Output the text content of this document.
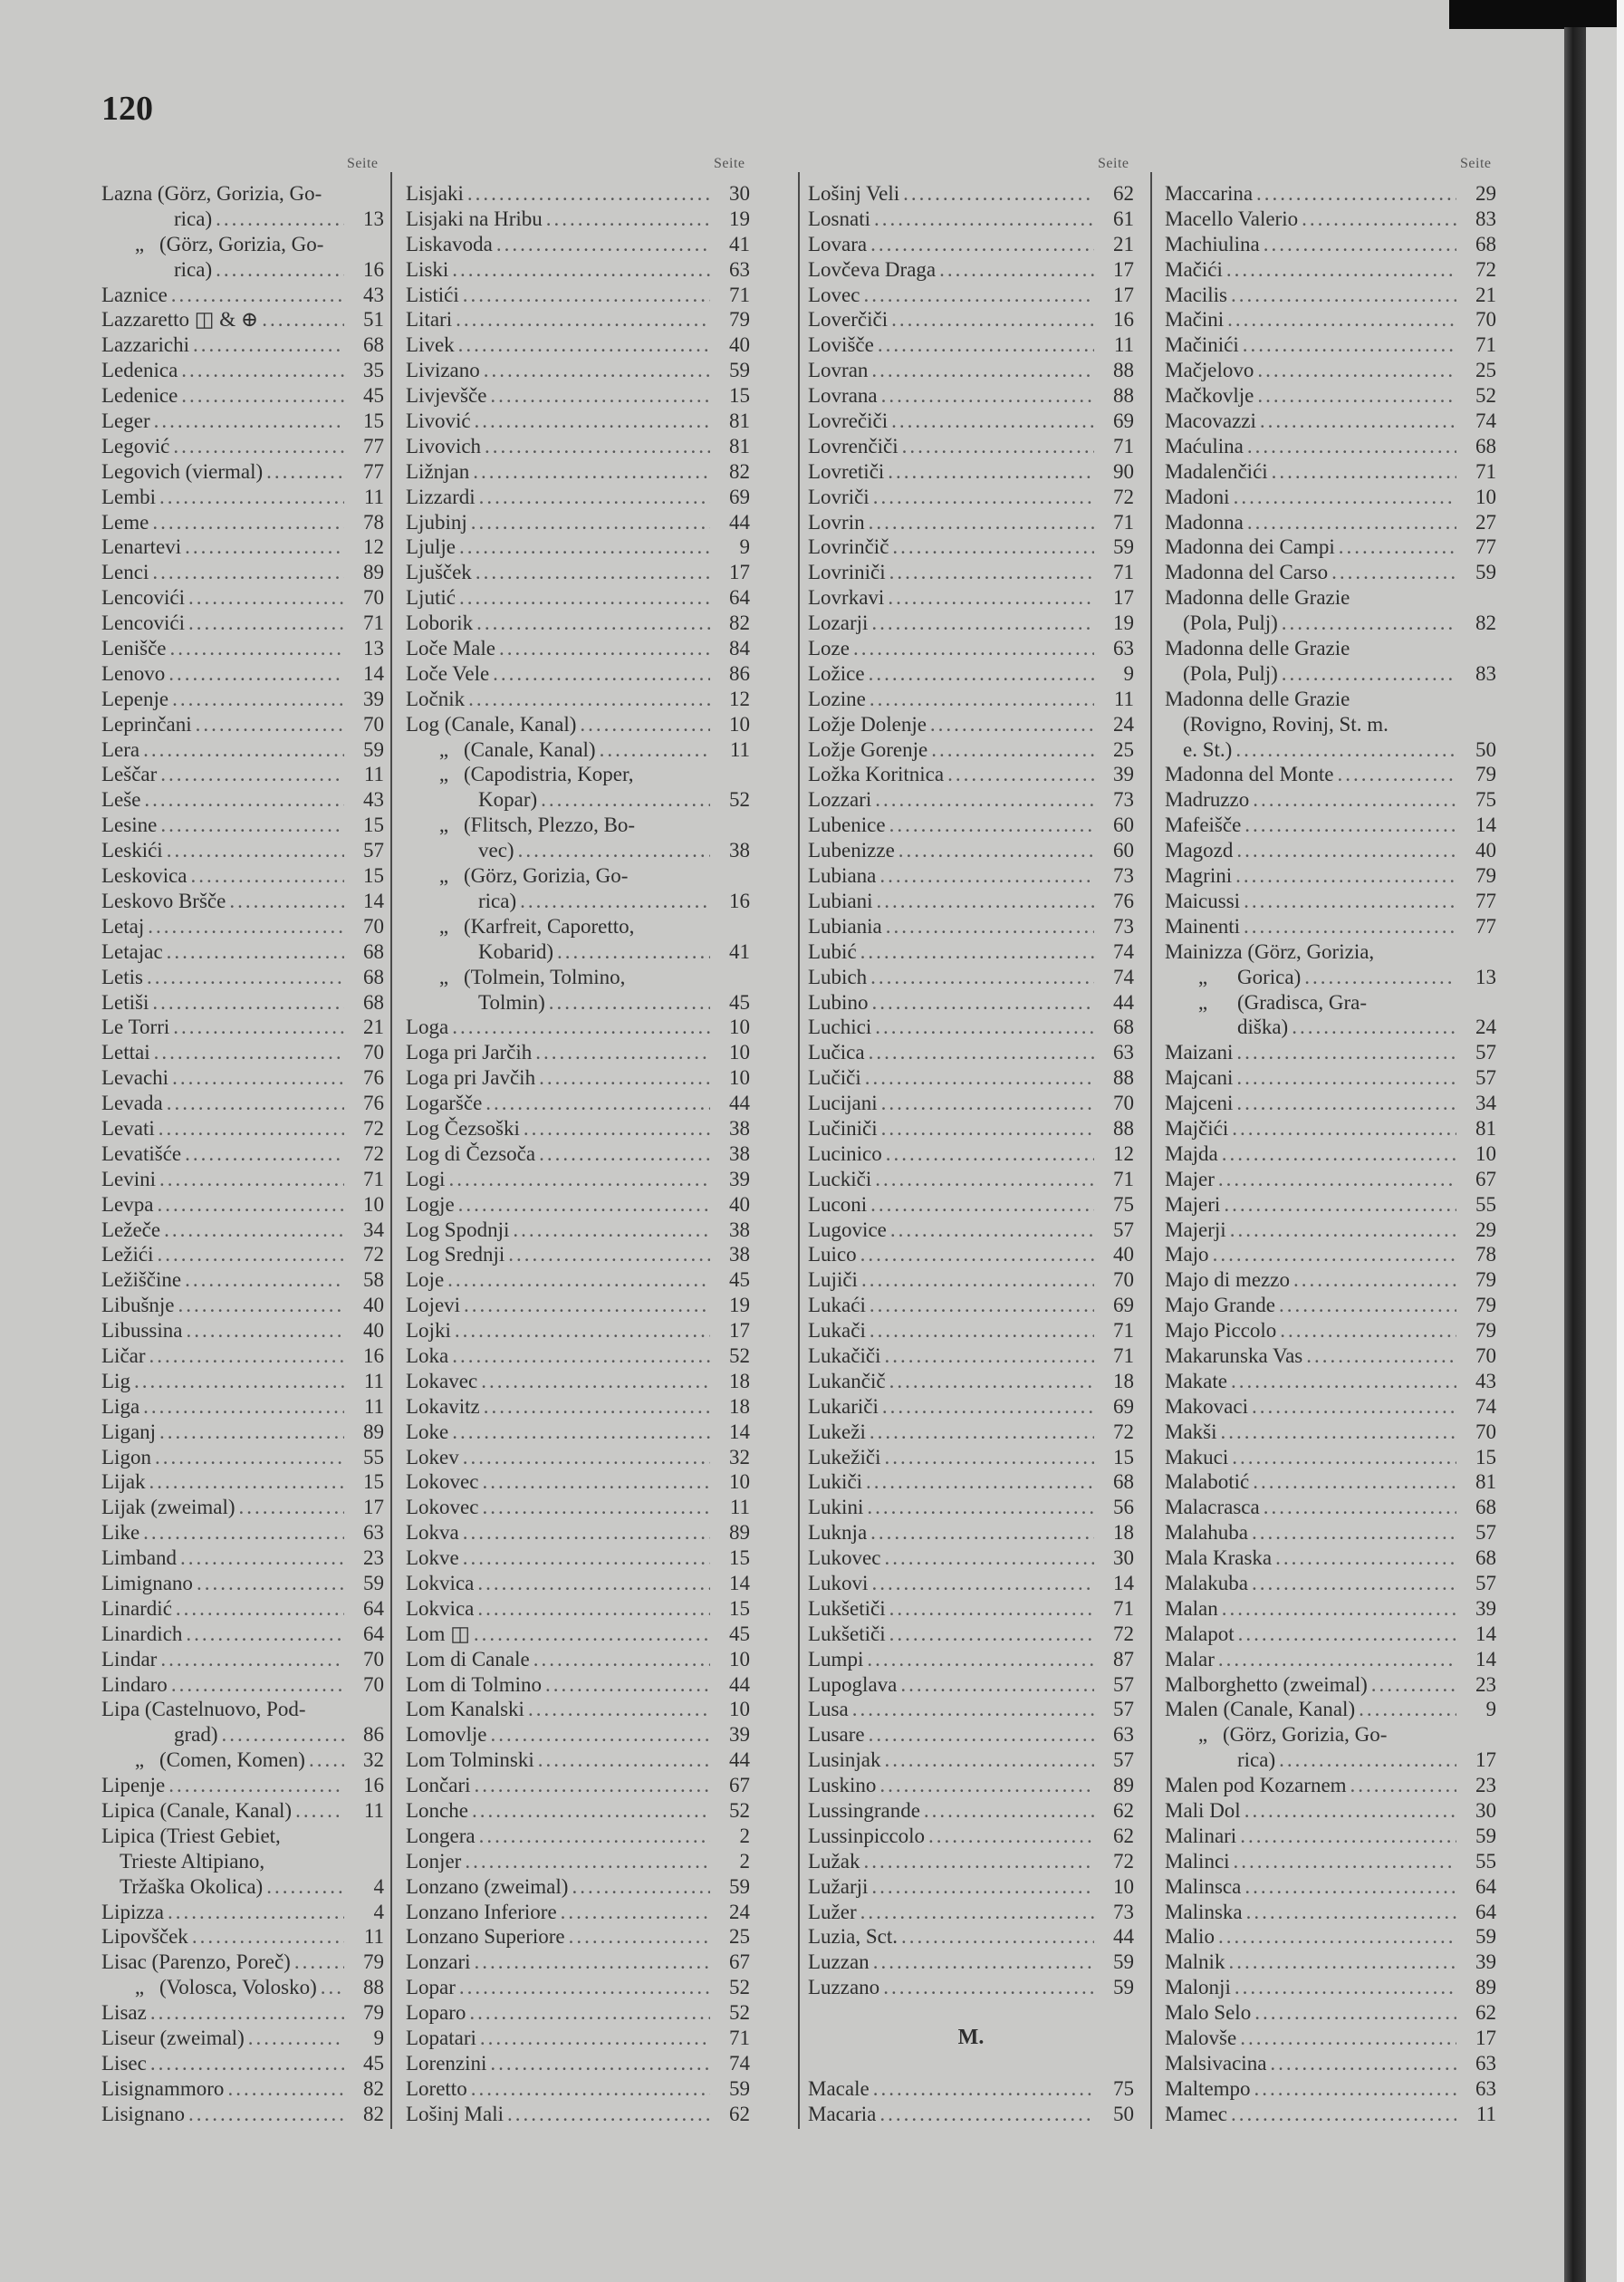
120
Seite	Seite	Seite	Seite
Lazna (Görz, Gorizia, Go-
rica) .....	13
„ (Görz, Gorizia, Go-
rica) .....	16
Laznice .....	43
Lazzaretto ◫ & ⊕ .....	51
Lazzarichi .....	68
Ledenica .....	35
Ledenice .....	45
Leger .....	15
Legović .....	77
Legovich (viermal) .....	77
Lembi .....	11
Leme .....	78
Lenartevi .....	12
Lenci .....	89
Lencovići .....	70
Lencovići .....	71
Lenišče .....	13
Lenovo .....	14
Lepenje .....	39
Leprinčani .....	70
Lera .....	59
Leščar .....	11
Leše .....	43
Lesine .....	15
Leskići .....	57
Leskovica .....	15
Leskovo Bršče .....	14
Letaj .....	70
Letajac .....	68
Letis .....	68
Letiši .....	68
Le Torri .....	21
Lettai .....	70
Levachi .....	76
Levada .....	76
Levati .....	72
Levatišće .....	72
Levini .....	71
Levpa .....	10
Ležeče .....	34
Ležići .....	72
Ležiščine .....	58
Libušnje .....	40
Libussina .....	40
Ličar .....	16
Lig .....	11
Liga .....	11
Liganj .....	89
Ligon .....	55
Lijak .....	15
Lijak (zweimal) .....	17
Like .....	63
Limband .....	23
Limignano .....	59
Linardić .....	64
Linardich .....	64
Lindar .....	70
Lindaro .....	70
Lipa (Castelnuovo, Pod-
grad) .....	86
„ (Comen, Komen) .....	32
Lipenje .....	16
Lipica (Canale, Kanal) .....	11
Lipica (Triest Gebiet,
Trieste Altipiano,
Tržaška Okolica) .....	4
Lipizza .....	4
Lipovšček .....	11
Lisac (Parenzo, Poreč) .....	79
„ (Volosca, Volosko) .....	88
Lisaz .....	79
Liseur (zweimal) .....	9
Lisec .....	45
Lisignammoro .....	82
Lisignano .....	82
Lisjaki .....	30
Lisjaki na Hribu .....	19
Liskavoda .....	41
Liski .....	63
Listići .....	71
Litari .....	79
Livek .....	40
Livizano .....	59
Livjevšče .....	15
Livović .....	81
Livovich .....	81
Ližnjan .....	82
Lizzardi .....	69
Ljubinj .....	44
Ljulje .....	9
Ljušček .....	17
Ljutić .....	64
Loborik .....	82
Loče Male .....	84
Loče Vele .....	86
Ločnik .....	12
Log (Canale, Kanal) .....	10
„ (Canale, Kanal) .....	11
„ (Capodistria, Koper,
Kopar) .....	52
„ (Flitsch, Plezzo, Bo-
vec) .....	38
„ (Görz, Gorizia, Go-
rica) .....	16
„ (Karfreit, Caporetto,
Kobarid) .....	41
„ (Tolmein, Tolmino,
Tolmin) .....	45
Loga .....	10
Loga pri Jarčih .....	10
Loga pri Javčih .....	10
Logaršče .....	44
Log Čezsoški .....	38
Log di Čezsoča .....	38
Logi .....	39
Logje .....	40
Log Spodnji .....	38
Log Srednji .....	38
Loje .....	45
Lojevi .....	19
Lojki .....	17
Loka .....	52
Lokavec .....	18
Lokavitz .....	18
Loke .....	14
Lokev .....	32
Lokovec .....	10
Lokovec .....	11
Lokva .....	89
Lokve .....	15
Lokvica .....	14
Lokvica .....	15
Lom ◫ .....	45
Lom di Canale .....	10
Lom di Tolmino .....	44
Lom Kanalski .....	10
Lomovlje .....	39
Lom Tolminski .....	44
Lončari .....	67
Lonche .....	52
Longera .....	2
Lonjer .....	2
Lonzano (zweimal) .....	59
Lonzano Inferiore .....	24
Lonzano Superiore .....	25
Lonzari .....	67
Lopar .....	52
Loparo .....	52
Lopatari .....	71
Lorenzini .....	74
Loretto .....	59
Lošinj Mali .....	62
Lošinj Veli .....	62
Losnati .....	61
Lovara .....	21
Lovčeva Draga .....	17
Lovec .....	17
Loverčiči .....	16
Lovišče .....	11
Lovran .....	88
Lovrana .....	88
Lovrečiči .....	69
Lovrenčiči .....	71
Lovretiči .....	90
Lovriči .....	72
Lovrin .....	71
Lovrinčič .....	59
Lovriniči .....	71
Lovrkavi .....	17
Lozarji .....	19
Loze .....	63
Ložice .....	9
Lozine .....	11
Ložje Dolenje .....	24
Ložje Gorenje .....	25
Ložka Koritnica .....	39
Lozzari .....	73
Lubenice .....	60
Lubenizze .....	60
Lubiana .....	73
Lubiani .....	76
Lubiania .....	73
Lubić .....	74
Lubich .....	74
Lubino .....	44
Luchici .....	68
Lučica .....	63
Lučiči .....	88
Lucijani .....	70
Lučiniči .....	88
Lucinico .....	12
Luckiči .....	71
Luconi .....	75
Lugovice .....	57
Luico .....	40
Lujiči .....	70
Lukaći .....	69
Lukači .....	71
Lukačiči .....	71
Lukančič .....	18
Lukariči .....	69
Lukeži .....	72
Lukežiči .....	15
Lukiči .....	68
Lukini .....	56
Luknja .....	18
Lukovec .....	30
Lukovi .....	14
Lukšetiči .....	71
Lukšetiči .....	72
Lumpi .....	87
Lupoglava .....	57
Lusa .....	57
Lusare .....	63
Lusinjak .....	57
Luskino .....	89
Lussingrande .....	62
Lussinpiccolo .....	62
Lužak .....	72
Lužarji .....	10
Lužer .....	73
Luzia, Sct. .....	44
Luzzan .....	59
Luzzano .....	59
M.
Macale .....	75
Macaria .....	50
Maccarina .....	29
Macello Valerio .....	83
Machiulina .....	68
Mačići .....	72
Macilis .....	21
Mačini .....	70
Mačinići .....	71
Mačjelovo .....	25
Mačkovlje .....	52
Macovazzi .....	74
Maćulina .....	68
Madalenčići .....	71
Madoni .....	10
Madonna .....	27
Madonna dei Campi .....	77
Madonna del Carso .....	59
Madonna delle Grazie
(Pola, Pulj) .....	82
Madonna delle Grazie
(Pola, Pulj) .....	83
Madonna delle Grazie
(Rovigno, Rovinj, St. m.
e. St.) .....	50
Madonna del Monte .....	79
Madruzzo .....	75
Mafeišče .....	14
Magozd .....	40
Magrini .....	79
Maicussi .....	77
Mainenti .....	77
Mainizza (Görz, Gorizia,
„	Gorica) .....	13
„	(Gradisca, Gra-
diška) .....	24
Maizani .....	57
Majcani .....	57
Majceni .....	34
Majčići .....	81
Majda .....	10
Majer .....	67
Majeri .....	55
Majerji .....	29
Majo .....	78
Majo di mezzo .....	79
Majo Grande .....	79
Majo Piccolo .....	79
Makarunska Vas .....	70
Makate .....	43
Makovaci .....	74
Makši .....	70
Makuci .....	15
Malabotić .....	81
Malacrasca .....	68
Malahuba .....	57
Mala Kraska .....	68
Malakuba .....	57
Malan .....	39
Malapot .....	14
Malar .....	14
Malborghetto (zweimal) .....	23
Malen (Canale, Kanal) .....	9
„ (Görz, Gorizia, Go-
rica) .....	17
Malen pod Kozarnem .....	23
Mali Dol .....	30
Malinari .....	59
Malinci .....	55
Malinsca .....	64
Malinska .....	64
Malio .....	59
Malnik .....	39
Malonji .....	89
Malo Selo .....	62
Malovše .....	17
Malsivacina .....	63
Maltempo .....	63
Mamec .....	11
